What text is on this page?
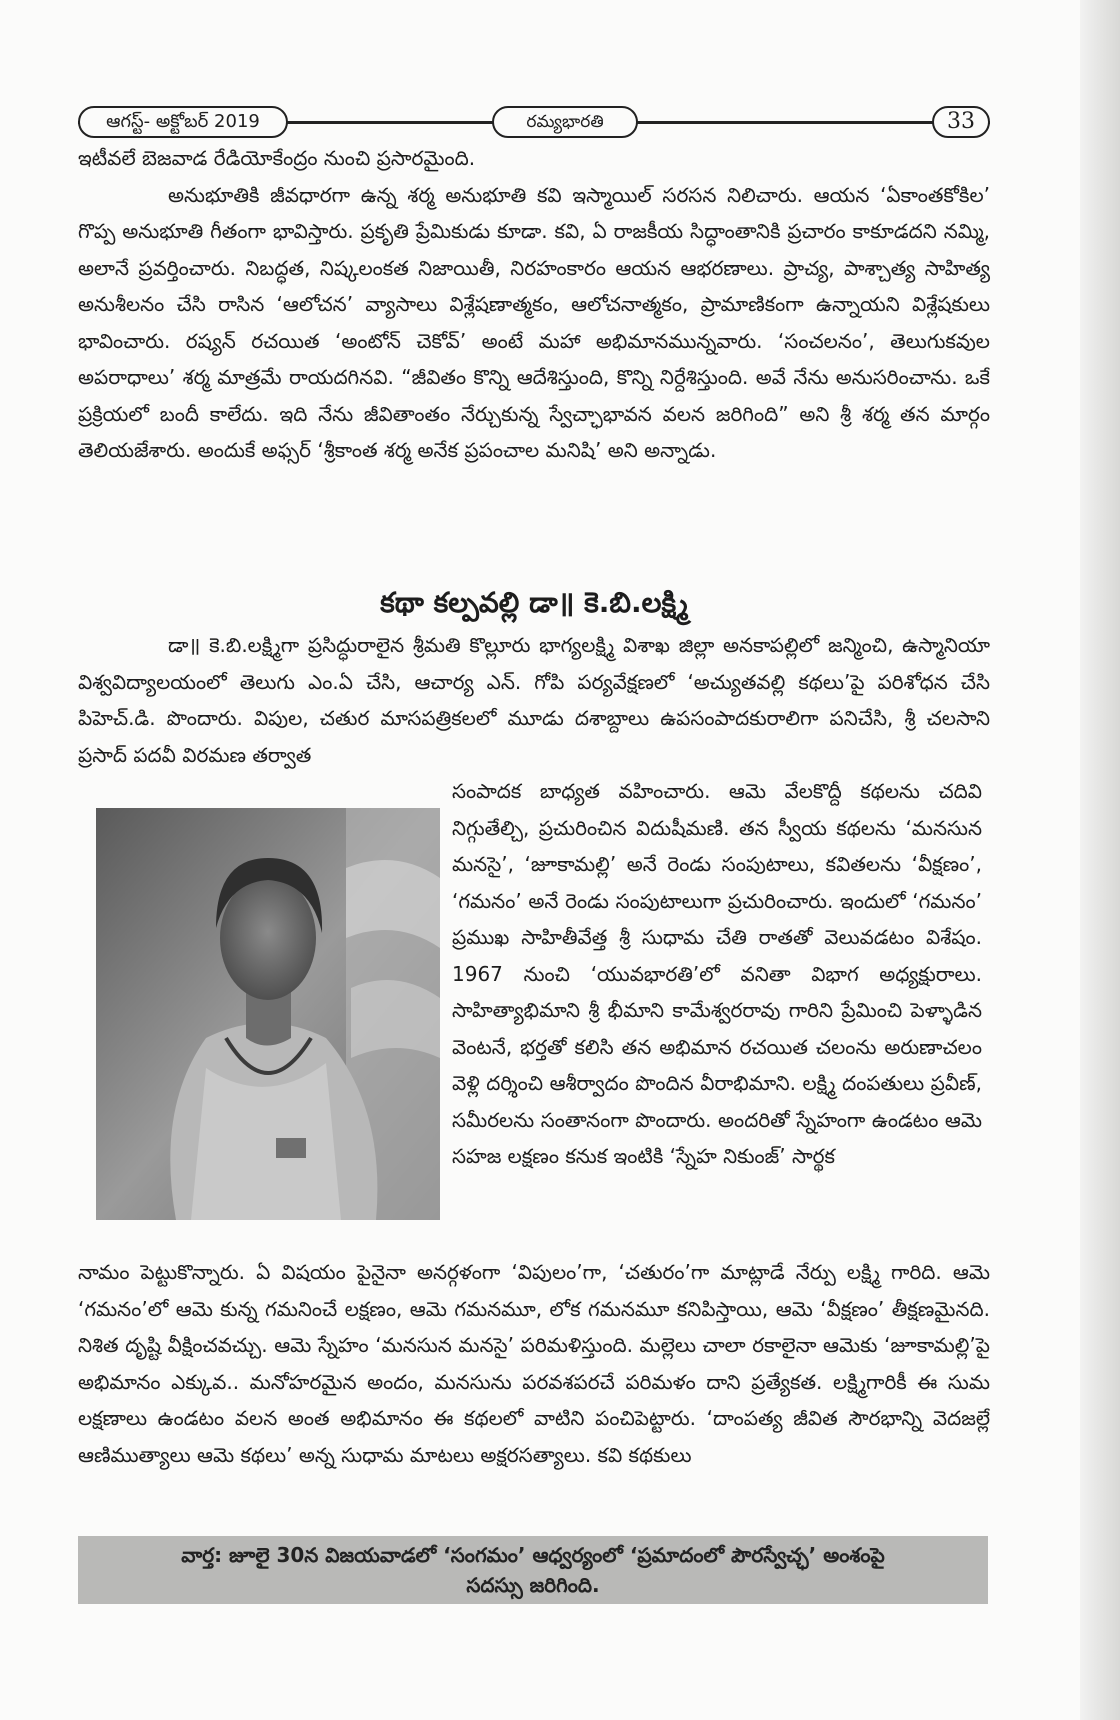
ఆగస్ట్- అక్టోబర్ 2019	రమ్యభారతి	33

ఇటీవలే బెజవాడ రేడియోకేంద్రం నుంచి ప్రసారమైంది.

అనుభూతికి జీవధారగా ఉన్న శర్మ అనుభూతి కవి ఇస్మాయిల్ సరసన నిలిచారు. ఆయన ‘ఏకాంతకోకిల’ గొప్ప అనుభూతి గీతంగా భావిస్తారు. ప్రకృతి ప్రేమికుడు కూడా. కవి, ఏ రాజకీయ సిద్ధాంతానికి ప్రచారం కాకూడదని నమ్మి, అలానే ప్రవర్తించారు. నిబద్ధత, నిష్కలంకత నిజాయితీ, నిరహంకారం ఆయన ఆభరణాలు. ప్రాచ్య, పాశ్చాత్య సాహిత్య అనుశీలనం చేసి రాసిన ‘ఆలోచన’ వ్యాసాలు విశ్లేషణాత్మకం, ఆలోచనాత్మకం, ప్రామాణికంగా ఉన్నాయని విశ్లేషకులు భావించారు. రష్యన్ రచయిత ‘అంటోన్ చెకోవ్’ అంటే మహా అభిమానమున్నవారు. ‘సంచలనం’, తెలుగుకవుల అపరాధాలు’ శర్మ మాత్రమే రాయదగినవి. “జీవితం కొన్ని ఆదేశిస్తుంది, కొన్ని నిర్దేశిస్తుంది. అవే నేను అనుసరించాను. ఒకే ప్రక్రియలో బందీ కాలేదు. ఇది నేను జీవితాంతం నేర్చుకున్న స్వేచ్ఛాభావన వలన జరిగింది” అని శ్రీ శర్మ తన మార్గం తెలియజేశారు. అందుకే అఫ్సర్ ‘శ్రీకాంత శర్మ అనేక ప్రపంచాల మనిషి’ అని అన్నాడు.

కథా కల్పవల్లి డా॥ కె.బి.లక్ష్మి

డా॥ కె.బి.లక్ష్మిగా ప్రసిద్ధురాలైన శ్రీమతి కొల్లూరు భాగ్యలక్ష్మి విశాఖ జిల్లా అనకాపల్లిలో జన్మించి, ఉస్మానియా విశ్వవిద్యాలయంలో తెలుగు ఎం.ఏ చేసి, ఆచార్య ఎన్. గోపి పర్యవేక్షణలో ‘అచ్యుతవల్లి కథలు’పై పరిశోధన చేసి పిహెచ్.డి. పొందారు. విపుల, చతుర మాసపత్రికలలో మూడు దశాబ్దాలు ఉపసంపాదకురాలిగా పనిచేసి, శ్రీ చలసాని ప్రసాద్ పదవీ విరమణ తర్వాత

సంపాదక బాధ్యత వహించారు. ఆమె వేలకొద్దీ కథలను చదివి నిగ్గుతేల్చి, ప్రచురించిన విదుషీమణి. తన స్వీయ కథలను ‘మనసున మనసై’, ‘జూకామల్లి’ అనే రెండు సంపుటాలు, కవితలను ‘వీక్షణం’, ‘గమనం’ అనే రెండు సంపుటాలుగా ప్రచురించారు. ఇందులో ‘గమనం’ ప్రముఖ సాహితీవేత్త శ్రీ సుధామ చేతి రాతతో వెలువడటం విశేషం. 1967 నుంచి ‘యువభారతి’లో వనితా విభాగ అధ్యక్షురాలు. సాహిత్యాభిమాని శ్రీ భీమాని కామేశ్వరరావు గారిని ప్రేమించి పెళ్ళాడిన వెంటనే, భర్తతో కలిసి తన అభిమాన రచయిత చలంను అరుణాచలం వెళ్లి దర్శించి ఆశీర్వాదం పొందిన వీరాభిమాని. లక్ష్మి దంపతులు ప్రవీణ్, సమీరలను సంతానంగా పొందారు. అందరితో స్నేహంగా ఉండటం ఆమె సహజ లక్షణం కనుక ఇంటికి ‘స్నేహ నికుంజ్’ సార్థక

నామం పెట్టుకొన్నారు. ఏ విషయం పైనైనా అనర్గళంగా ‘విపులం’గా, ‘చతురం’గా మాట్లాడే నేర్పు లక్ష్మి గారిది. ఆమె ‘గమనం’లో ఆమె కున్న గమనించే లక్షణం, ఆమె గమనమూ, లోక గమనమూ కనిపిస్తాయి, ఆమె ‘వీక్షణం’ తీక్షణమైనది. నిశిత దృష్టి వీక్షించవచ్చు. ఆమె స్నేహం ‘మనసున మనసై’ పరిమళిస్తుంది. మల్లెలు చాలా రకాలైనా ఆమెకు ‘జూకామల్లి’పై అభిమానం ఎక్కువ.. మనోహరమైన అందం, మనసును పరవశపరచే పరిమళం దాని ప్రత్యేకత. లక్ష్మిగారికీ ఈ సుమ లక్షణాలు ఉండటం వలన అంత అభిమానం ఈ కథలలో వాటిని పంచిపెట్టారు. ‘దాంపత్య జీవిత సౌరభాన్ని వెదజల్లే ఆణిముత్యాలు ఆమె కథలు’ అన్న సుధామ మాటలు అక్షరసత్యాలు. కవి కథకులు

వార్త: జూలై 30న విజయవాడలో ‘సంగమం’ ఆధ్వర్యంలో ‘ప్రమాదంలో పౌరస్వేచ్ఛ’ అంశంపై
సదస్సు జరిగింది.
